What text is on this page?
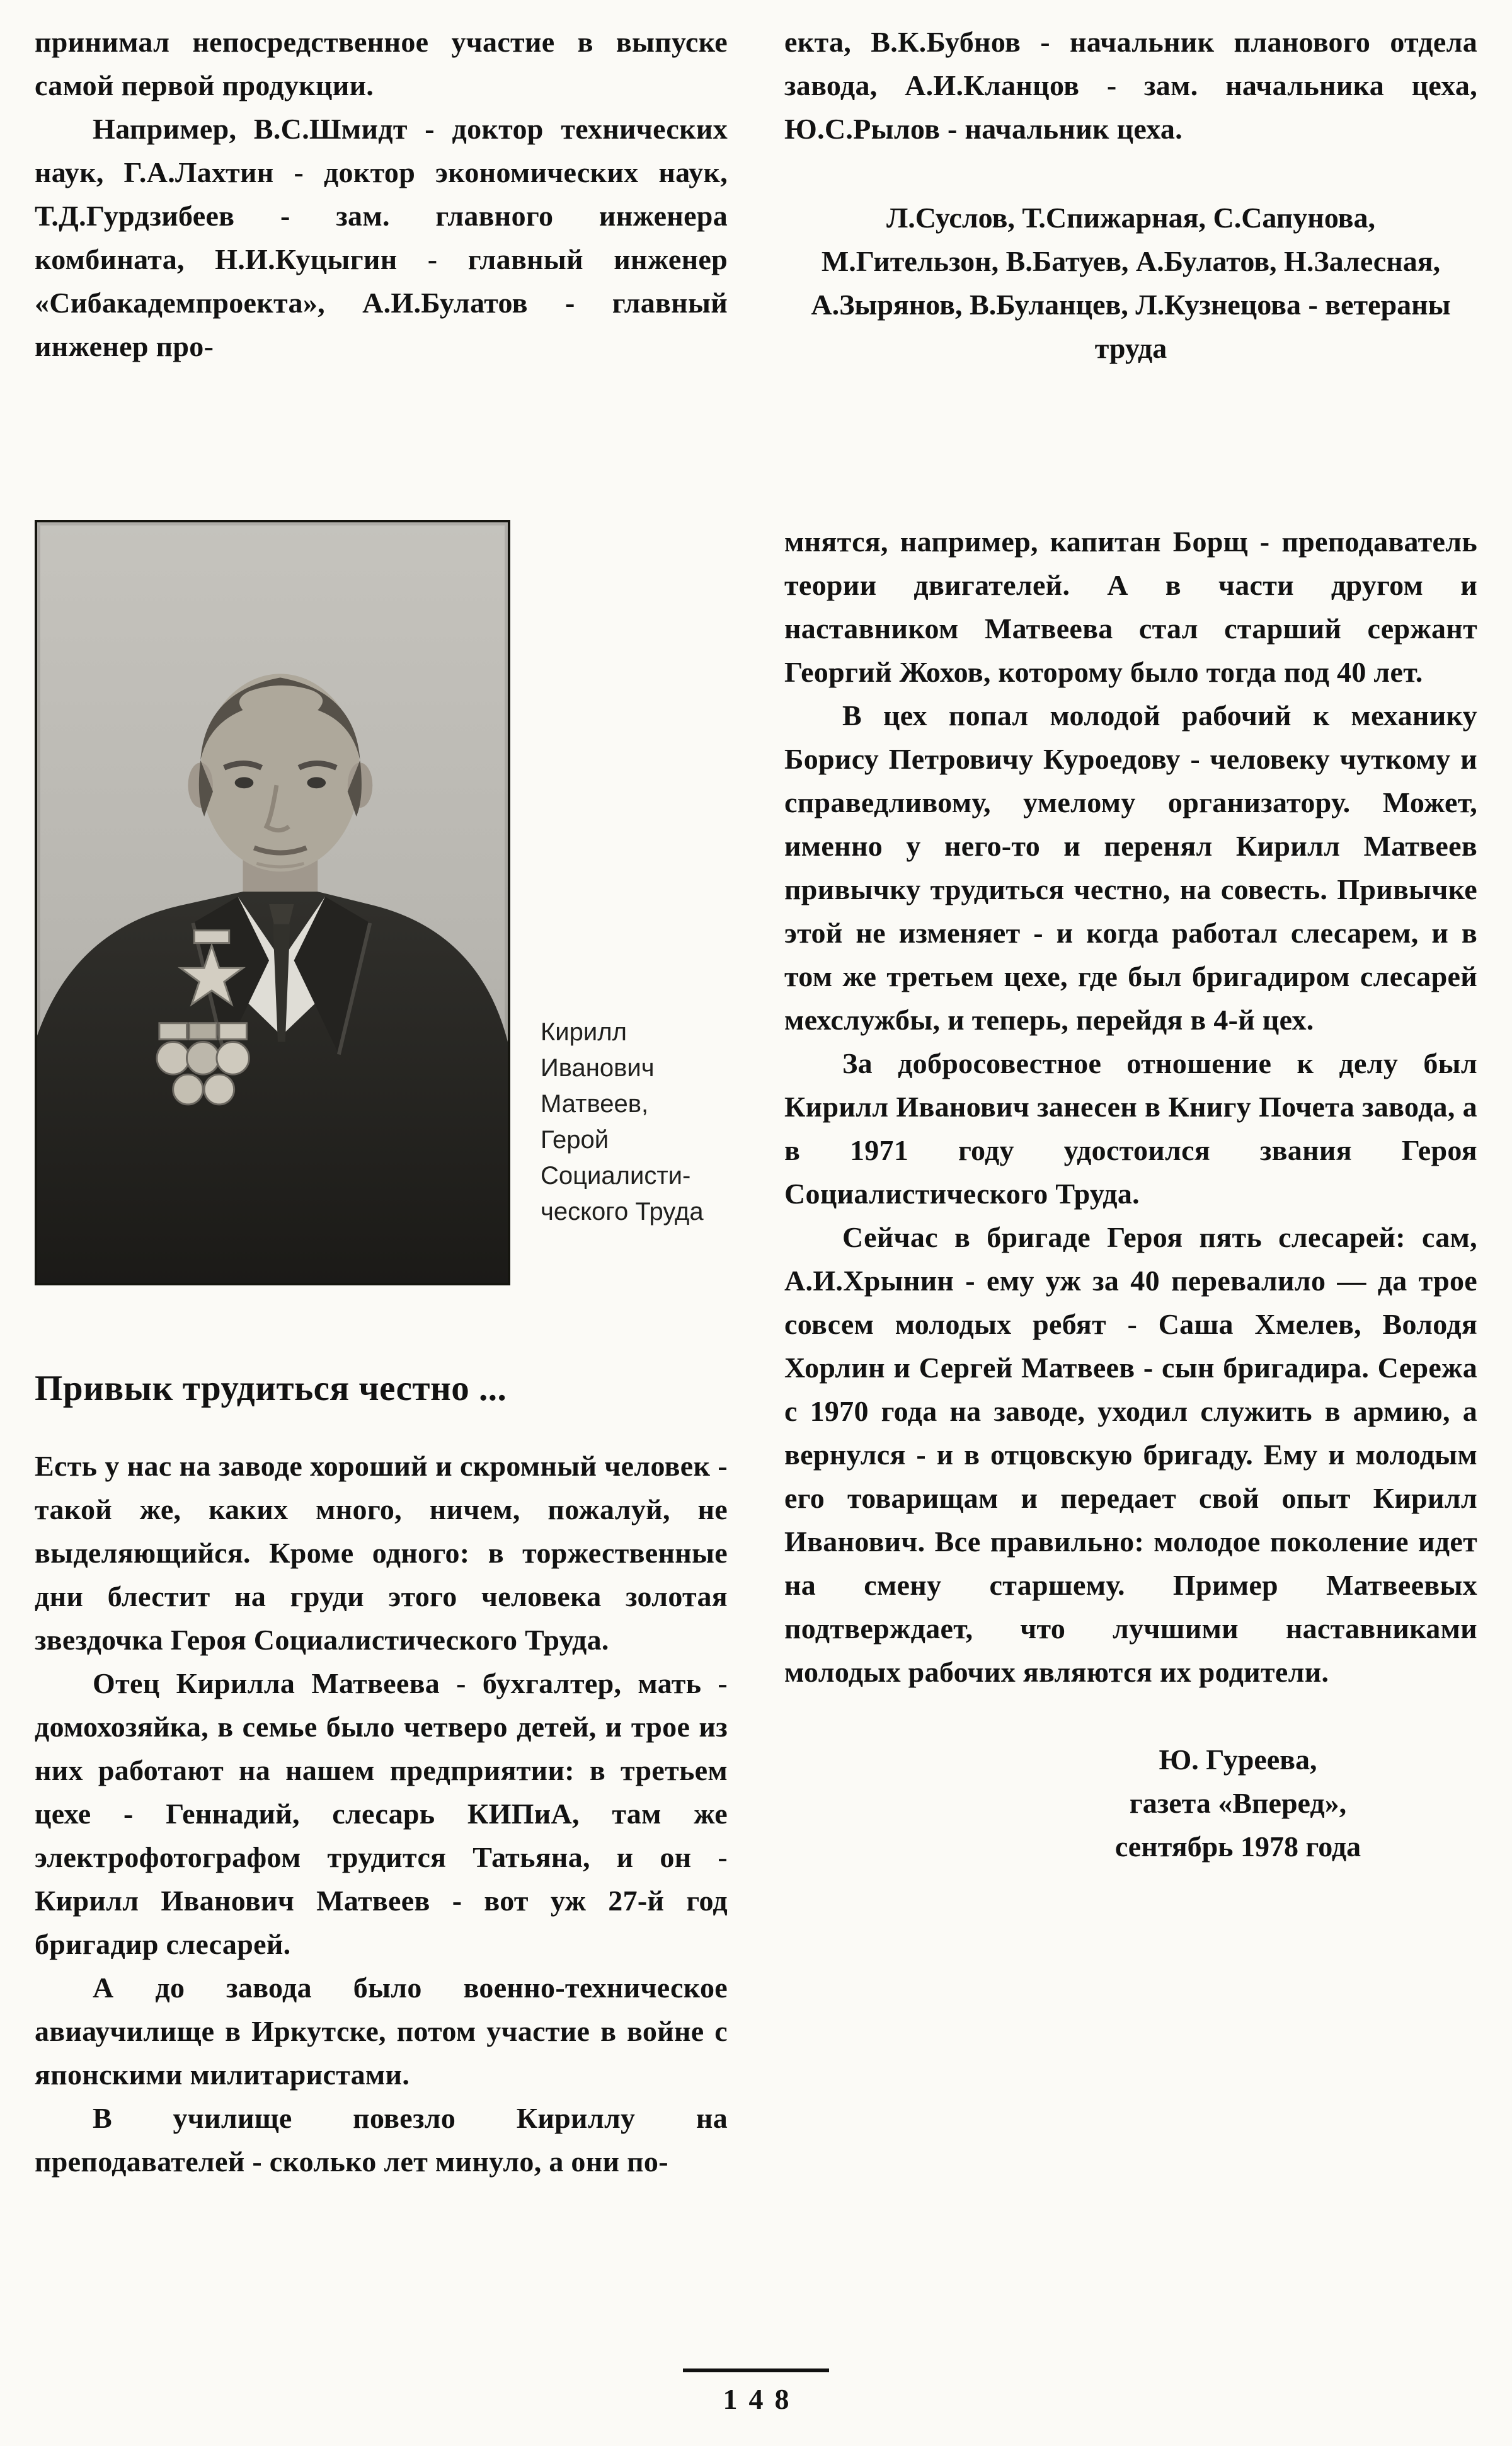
принимал непосредственное участие в выпуске самой первой продукции.

Например, В.С.Шмидт - доктор технических наук, Г.А.Лахтин - доктор экономических наук, Т.Д.Гурдзибеев - зам. главного инженера комбината, Н.И.Куцыгин - главный инженер «Сибакадемпроекта», А.И.Булатов - главный инженер про-

екта, В.К.Бубнов - начальник планового отдела завода, А.И.Кланцов - зам. начальника цеха, Ю.С.Рылов - начальник цеха.

Л.Суслов, Т.Спижарная, С.Сапунова, М.Гительзон, В.Батуев, А.Булатов, Н.Залесная, А.Зырянов, В.Буланцев, Л.Кузнецова - ветераны труда

Кирилл
Иванович
Матвеев,
Герой
Социалисти-
ческого Труда
Привык трудиться честно ...

Есть у нас на заводе хороший и скромный человек - такой же, каких много, ничем, пожалуй, не выделяющийся. Кроме одного: в торжественные дни блестит на груди этого человека золотая звездочка Героя Социалистического Труда.

Отец Кирилла Матвеева - бухгалтер, мать - домохозяйка, в семье было четверо детей, и трое из них работают на нашем предприятии: в третьем цехе - Геннадий, слесарь КИПиА, там же электрофотографом трудится Татьяна, и он - Кирилл Иванович Матвеев - вот уж 27-й год бригадир слесарей.

А до завода было военно-техническое авиаучилище в Иркутске, потом участие в войне с японскими милитаристами.

В училище повезло Кириллу на преподавателей - сколько лет минуло, а они по-

мнятся, например, капитан Борщ - преподаватель теории двигателей. А в части другом и наставником Матвеева стал старший сержант Георгий Жохов, которому было тогда под 40 лет.

В цех попал молодой рабочий к механику Борису Петровичу Куроедову - человеку чуткому и справедливому, умелому организатору. Может, именно у него-то и перенял Кирилл Матвеев привычку трудиться честно, на совесть. Привычке этой не изменяет - и когда работал слесарем, и в том же третьем цехе, где был бригадиром слесарей мехслужбы, и теперь, перейдя в 4-й цех.

За добросовестное отношение к делу был Кирилл Иванович занесен в Книгу Почета завода, а в 1971 году удостоился звания Героя Социалистического Труда.

Сейчас в бригаде Героя пять слесарей: сам, А.И.Хрынин - ему уж за 40 перевалило — да трое совсем молодых ребят - Саша Хмелев, Володя Хорлин и Сергей Матвеев - сын бригадира. Сережа с 1970 года на заводе, уходил служить в армию, а вернулся - и в отцовскую бригаду. Ему и молодым его товарищам и передает свой опыт Кирилл Иванович. Все правильно: молодое поколение идет на смену старшему. Пример Матвеевых подтверждает, что лучшими наставниками молодых рабочих являются их родители.

Ю. Гуреева,
газета «Вперед»,
сентябрь 1978 года
148
